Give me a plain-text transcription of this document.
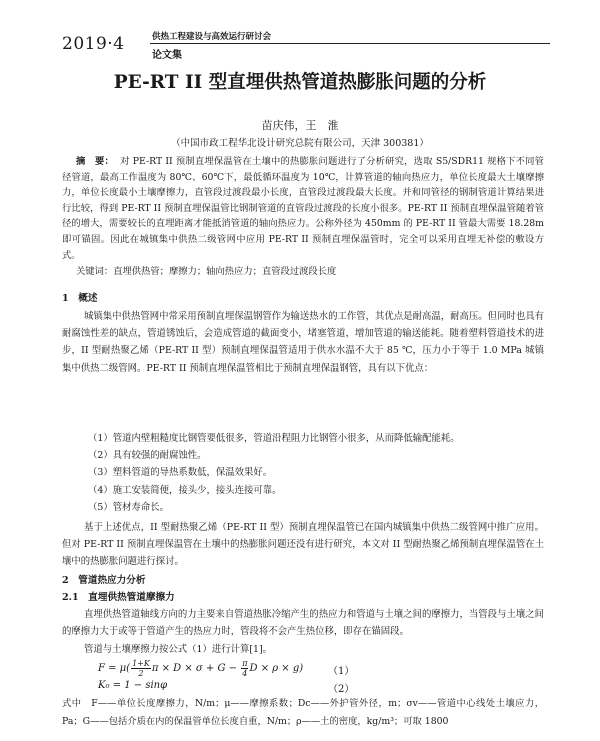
2019·4	供热工程建设与高效运行研讨会
论文集
PE-RT II 型直埋供热管道热膨胀问题的分析
苗庆伟，王　淮
（中国市政工程华北设计研究总院有限公司，天津 300381）
摘　要： 对 PE-RT II 预制直埋保温管在土壤中的热膨胀问题进行了分析研究，选取 S5/SDR11 规格下不同管径管道，最高工作温度为 80℃、60℃下，最低循环温度为 10℃，计算管道的轴向热应力，单位长度最大土壤摩擦力，单位长度最小土壤摩擦力，直管段过渡段最小长度，直管段过渡段最大长度。并和同管径的钢制管道计算结果进行比较，得到 PE-RT II 预制直埋保温管比钢制管道的直管段过渡段的长度小很多。PE-RT II 预制直埋保温管随着管径的增大，需要较长的直埋距离才能抵消管道的轴向热应力。公称外径为 450mm 的 PE-RT II 管最大需要 18.28m 即可锚固。因此在城镇集中供热二级管网中应用 PE-RT II 预制直埋保温管时，完全可以采用直埋无补偿的敷设方式。
关键词：直埋供热管；摩擦力；轴向热应力；直管段过渡段长度
1　概述
城镇集中供热管网中常采用预制直埋保温钢管作为输送热水的工作管，其优点是耐高温，耐高压。但同时也具有耐腐蚀性差的缺点，管道锈蚀后，会造成管道的截面变小，堵塞管道，增加管道的输送能耗。随着塑料管道技术的进步，II 型耐热聚乙烯（PE-RT II 型）预制直埋保温管适用于供水水温不大于 85 ℃，压力小于等于 1.0 MPa 城镇集中供热二级管网。PE-RT II 预制直埋保温管相比于预制直埋保温钢管，具有以下优点：
（1）管道内壁粗糙度比钢管要低很多，管道沿程阻力比钢管小很多，从而降低输配能耗。
（2）具有较强的耐腐蚀性。
（3）塑料管道的导热系数低，保温效果好。
（4）施工安装简便，接头少，接头连接可靠。
（5）管材寿命长。
基于上述优点，II 型耐热聚乙烯（PE-RT II 型）预制直埋保温管已在国内城镇集中供热二级管网中推广应用。但对 PE-RT II 预制直埋保温管在土壤中的热膨胀问题还没有进行研究，本文对 II 型耐热聚乙烯预制直埋保温管在土壤中的热膨胀问题进行探讨。
2　管道热应力分析
2.1　直埋供热管道摩擦力
直埋供热管道轴线方向的力主要来自管道热胀冷缩产生的热应力和管道与土壤之间的摩擦力，当管段与土壤之间的摩擦力大于或等于管道产生的热应力时，管段将不会产生热位移，即存在锚固段。
管道与土壤摩擦力按公式（1）进行计算[1]。
$F = \mu( \frac{1+K}{2}$ $\pi \times D \times \sigma + G - \frac{\pi}{4}$ D × ρ × g) （1）
K₀ = 1 − sinφ	（2）
式中　F——单位长度摩擦力，N/m；μ——摩擦系数；Dc——外护管外径，m；σv——管道中心线处土壤应力，Pa；G——包括介质在内的保温管单位长度自重，N/m；ρ——土的密度，kg/m³；可取 1800
